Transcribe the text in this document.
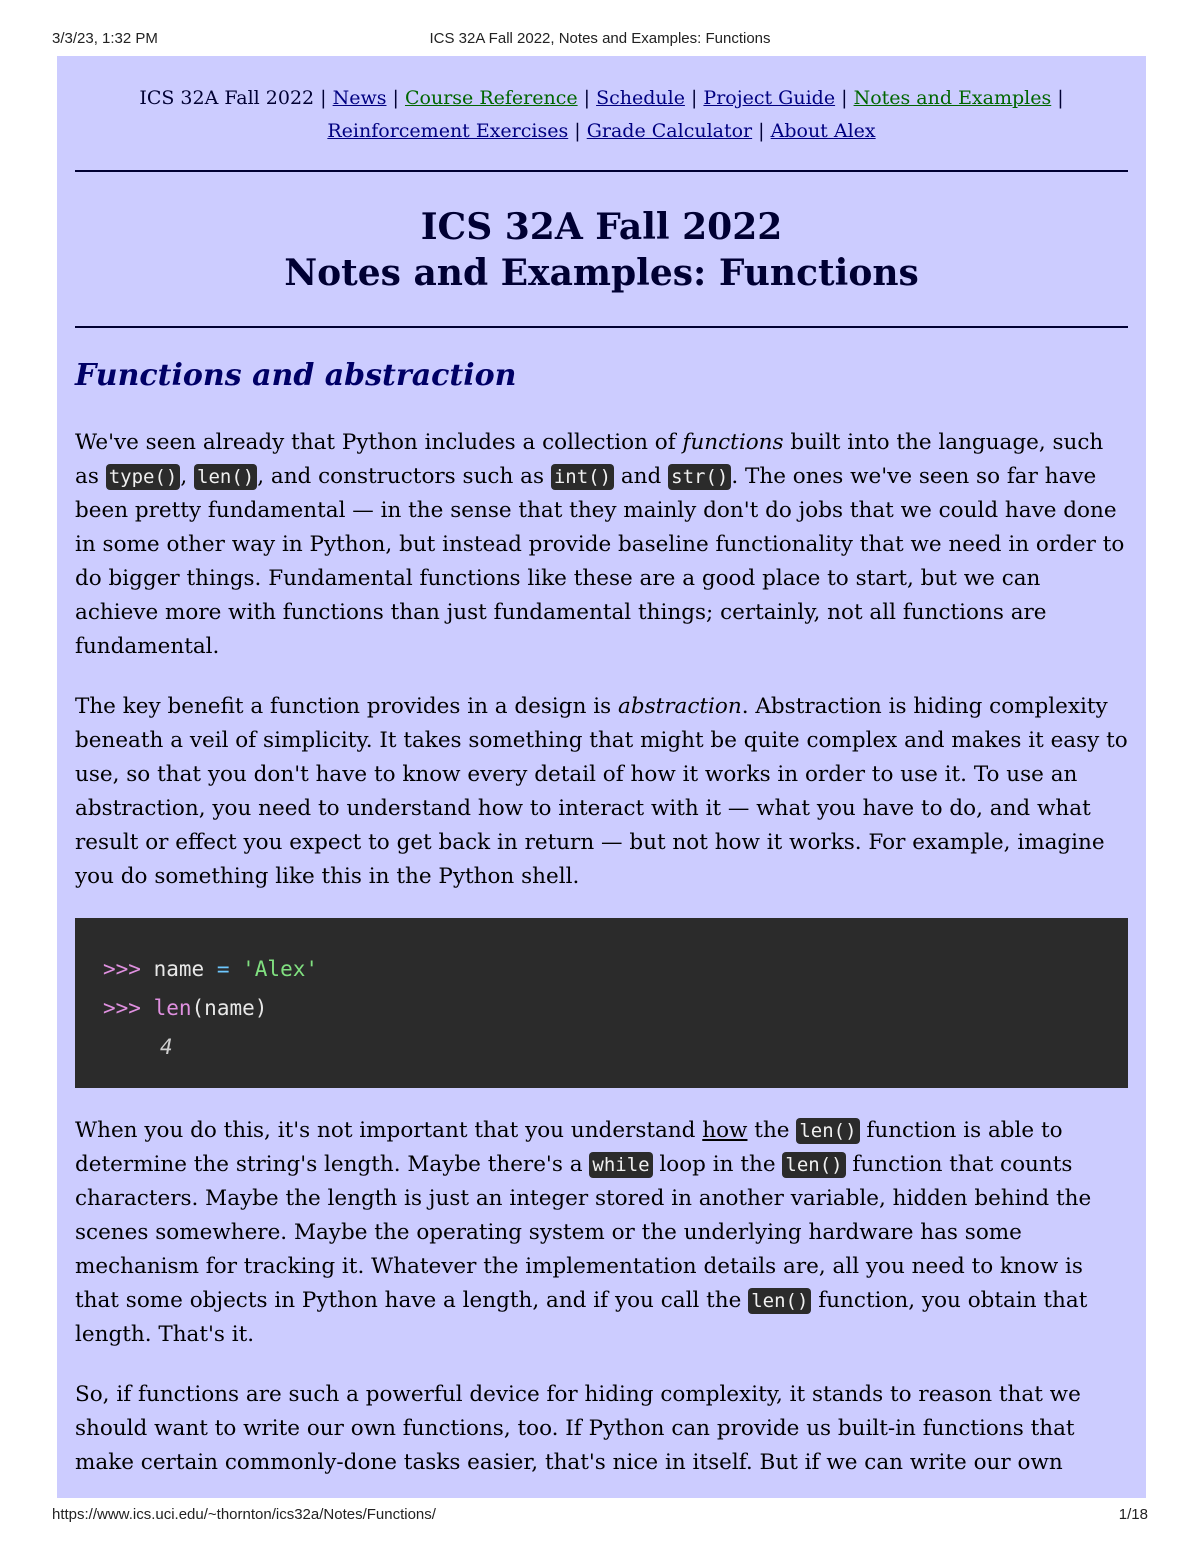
3/3/23, 1:32 PM	ICS 32A Fall 2022, Notes and Examples: Functions
ICS 32A Fall 2022 | News | Course Reference | Schedule | Project Guide | Notes and Examples | Reinforcement Exercises | Grade Calculator | About Alex
ICS 32A Fall 2022
Notes and Examples: Functions
Functions and abstraction

We've seen already that Python includes a collection of functions built into the language, such as type() , len() , and constructors such as int() and str() . The ones we've seen so far have been pretty fundamental — in the sense that they mainly don't do jobs that we could have done in some other way in Python, but instead provide baseline functionality that we need in order to do bigger things. Fundamental functions like these are a good place to start, but we can achieve more with functions than just fundamental things; certainly, not all functions are fundamental.

The key benefit a function provides in a design is abstraction. Abstraction is hiding complexity beneath a veil of simplicity. It takes something that might be quite complex and makes it easy to use, so that you don't have to know every detail of how it works in order to use it. To use an abstraction, you need to understand how to interact with it — what you have to do, and what result or effect you expect to get back in return — but not how it works. For example, imagine you do something like this in the Python shell.

>>> name = 'Alex'
>>> len(name)
4

When you do this, it's not important that you understand how the len() function is able to determine the string's length. Maybe there's a while loop in the len() function that counts characters. Maybe the length is just an integer stored in another variable, hidden behind the scenes somewhere. Maybe the operating system or the underlying hardware has some mechanism for tracking it. Whatever the implementation details are, all you need to know is that some objects in Python have a length, and if you call the len() function, you obtain that length. That's it.

So, if functions are such a powerful device for hiding complexity, it stands to reason that we should want to write our own functions, too. If Python can provide us built-in functions that make certain commonly-done tasks easier, that's nice in itself. But if we can write our own

https://www.ics.uci.edu/~thornton/ics32a/Notes/Functions/	1/18
